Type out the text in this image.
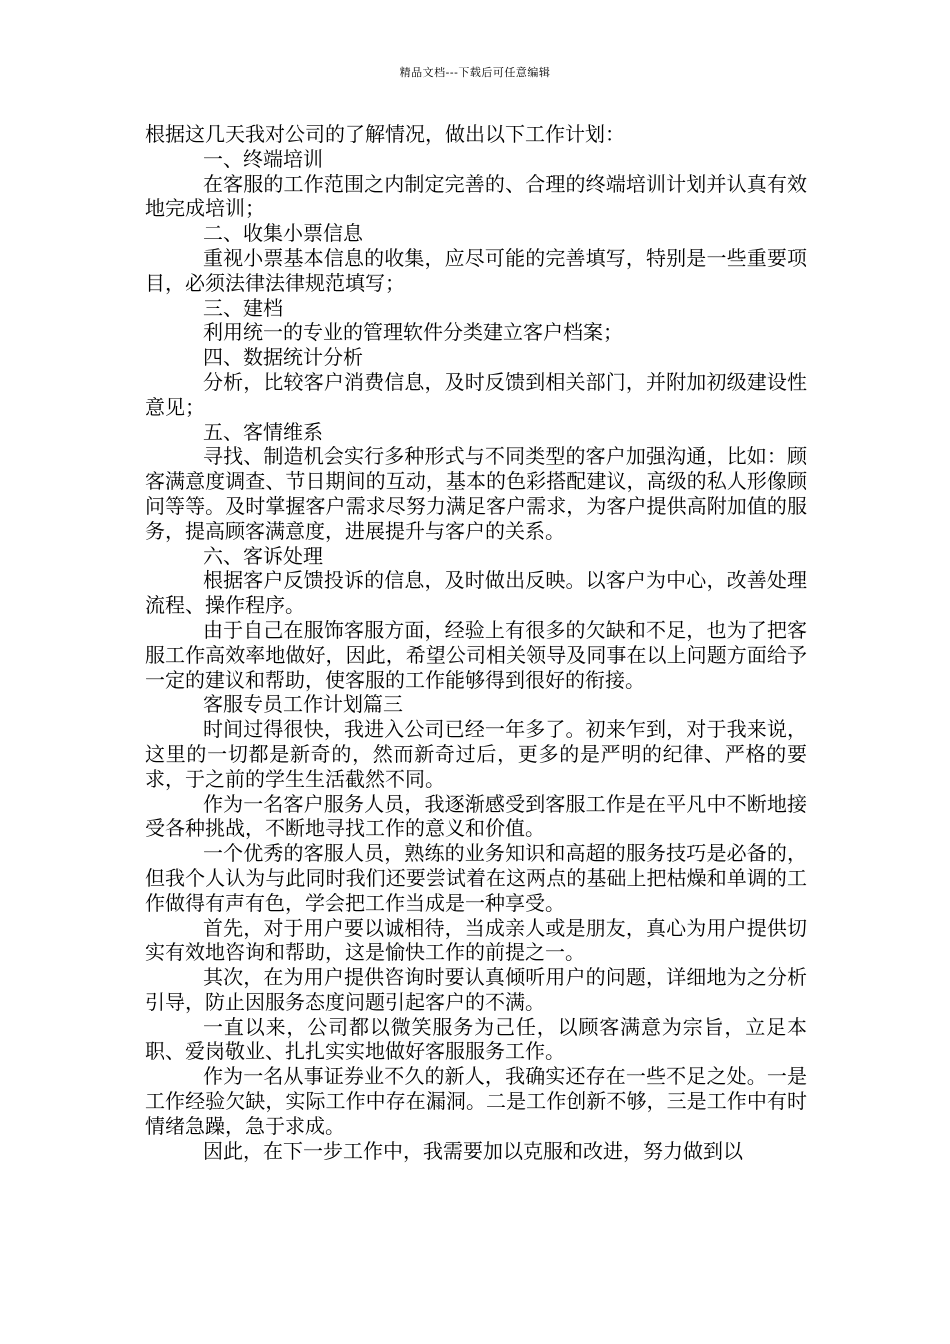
精品文档---下载后可任意编辑

根据这几天我对公司的了解情况，做出以下工作计划：

一、终端培训

在客服的工作范围之内制定完善的、合理的终端培训计划并认真有效地完成培训；

二、收集小票信息

重视小票基本信息的收集，应尽可能的完善填写，特别是一些重要项目，必须法律法律规范填写；

三、建档

利用统一的专业的管理软件分类建立客户档案；

四、数据统计分析

分析，比较客户消费信息，及时反馈到相关部门，并附加初级建设性意见；

五、客情维系

寻找、制造机会实行多种形式与不同类型的客户加强沟通，比如：顾客满意度调查、节日期间的互动，基本的色彩搭配建议，高级的私人形像顾问等等。及时掌握客户需求尽努力满足客户需求，为客户提供高附加值的服务，提高顾客满意度，进展提升与客户的关系。

六、客诉处理

根据客户反馈投诉的信息，及时做出反映。以客户为中心，改善处理流程、操作程序。

由于自己在服饰客服方面，经验上有很多的欠缺和不足，也为了把客服工作高效率地做好，因此，希望公司相关领导及同事在以上问题方面给予一定的建议和帮助，使客服的工作能够得到很好的衔接。

客服专员工作计划篇三

时间过得很快，我进入公司已经一年多了。初来乍到，对于我来说，这里的一切都是新奇的，然而新奇过后，更多的是严明的纪律、严格的要求，于之前的学生生活截然不同。

作为一名客户服务人员，我逐渐感受到客服工作是在平凡中不断地接受各种挑战，不断地寻找工作的意义和价值。

一个优秀的客服人员，熟练的业务知识和高超的服务技巧是必备的，但我个人认为与此同时我们还要尝试着在这两点的基础上把枯燥和单调的工作做得有声有色，学会把工作当成是一种享受。

首先，对于用户要以诚相待，当成亲人或是朋友，真心为用户提供切实有效地咨询和帮助，这是愉快工作的前提之一。

其次，在为用户提供咨询时要认真倾听用户的问题，详细地为之分析引导，防止因服务态度问题引起客户的不满。

一直以来，公司都以微笑服务为己任，以顾客满意为宗旨，立足本职、爱岗敬业、扎扎实实地做好客服服务工作。

作为一名从事证券业不久的新人，我确实还存在一些不足之处。一是工作经验欠缺，实际工作中存在漏洞。二是工作创新不够，三是工作中有时情绪急躁，急于求成。

因此，在下一步工作中，我需要加以克服和改进，努力做到以
